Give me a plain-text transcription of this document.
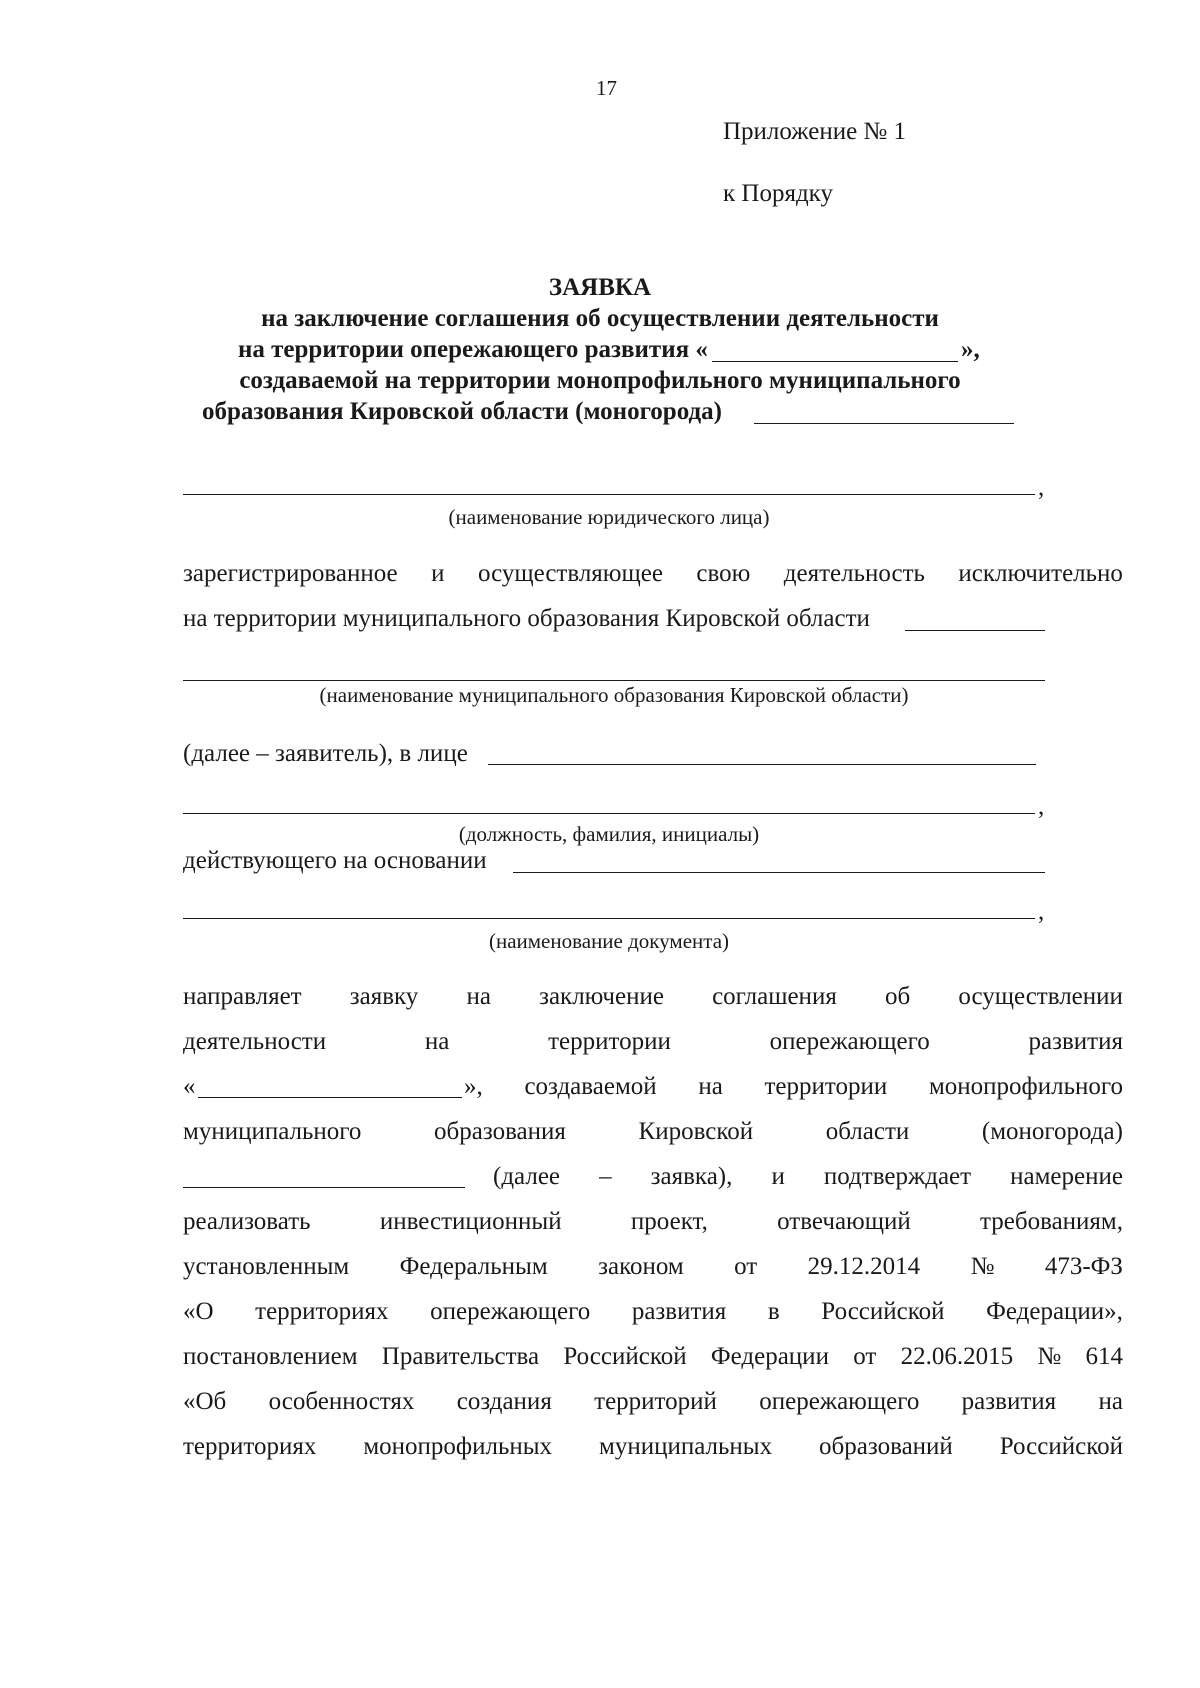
17
Приложение № 1
к Порядку
ЗАЯВКА
на заключение соглашения об осуществлении деятельности
на территории опережающего развития «	»,
создаваемой на территории монопрофильного муниципального
образования Кировской области (моногорода)
,
(наименование юридического лица)
зарегистрированное и осуществляющее свою деятельность исключительно
на территории муниципального образования Кировской области
(наименование муниципального образования Кировской области)
(далее – заявитель), в лице
,
(должность, фамилия, инициалы)
действующего на основании
,
(наименование документа)
направляет заявку на заключение соглашения об осуществлении
деятельности	на	территории	опережающего	развития
«	», создаваемой на территории монопрофильного
муниципального	образования	Кировской	области	(моногорода)
(далее – заявка), и подтверждает намерение
реализовать	инвестиционный	проект,	отвечающий	требованиям,
установленным Федеральным законом от 29.12.2014 № 473-ФЗ
«О территориях опережающего развития в Российской Федерации»,
постановлением Правительства Российской Федерации от 22.06.2015 № 614
«Об особенностях создания территорий опережающего развития на
территориях монопрофильных муниципальных образований Российской
